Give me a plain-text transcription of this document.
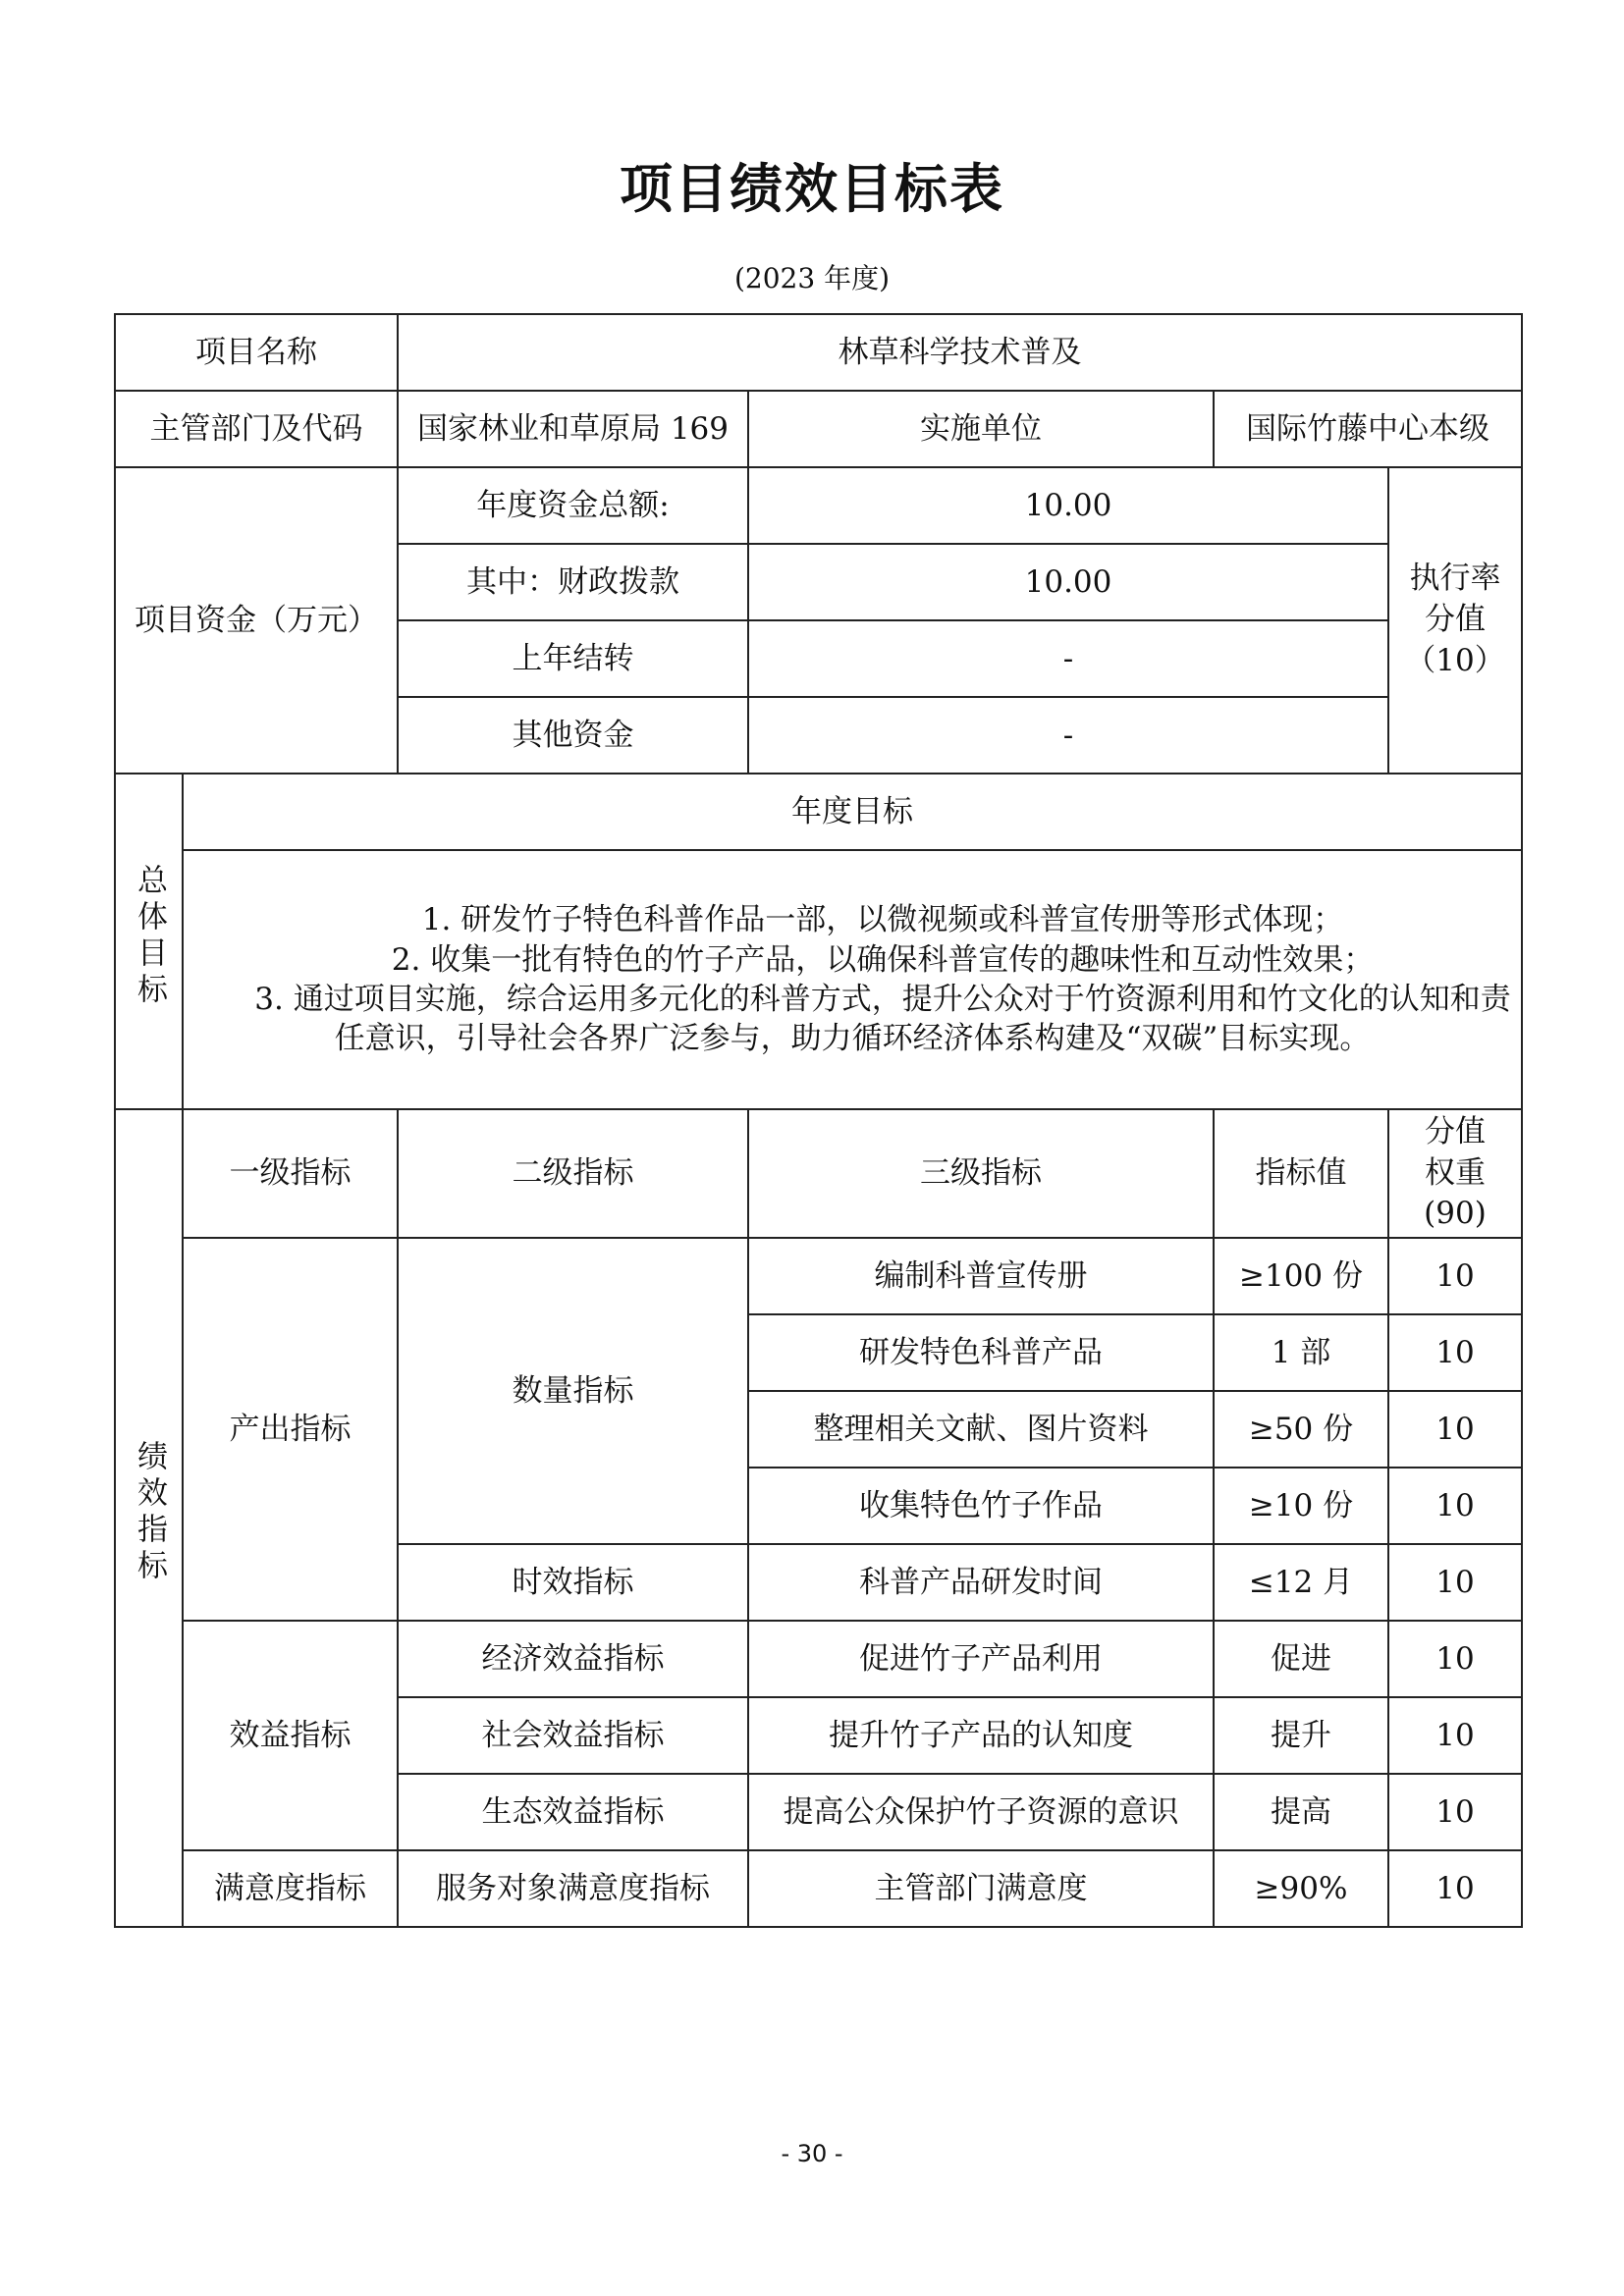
项目绩效目标表
(2023 年度)
项目名称		林草科学技术普及			
主管部门及代码		国家林业和草原局 169	实施单位	国际竹藤中心本级	
项目资金（万元）		年度资金总额:	10.00		执行率
分值
（10）

		其中：财政拨款	10.00		
		上年结转	-		
		其他资金	-		
总体目标	年度目标				

	1. 研发竹子特色科普作品一部，以微视频或科普宣传册等形式体现；
2. 收集一批有特色的竹子产品，以确保科普宣传的趣味性和互动性效果；
3. 通过项目实施，综合运用多元化的科普方式，提升公众对于竹资源利用和竹文化的认知和责任意识，引导社会各界广泛参与，助力循环经济体系构建及“双碳”目标实现。				

绩效指标	一级指标	二级指标	三级指标	指标值	分值
权重
(90)

	产出指标	数量指标	编制科普宣传册	≥100 份	10
			研发特色科普产品	1 部	10
			整理相关文献、图片资料	≥50 份	10
			收集特色竹子作品	≥10 份	10
		时效指标	科普产品研发时间	≤12 月	10
	效益指标	经济效益指标	促进竹子产品利用	促进	10
		社会效益指标	提升竹子产品的认知度	提升	10
		生态效益指标	提高公众保护竹子资源的意识	提高	10
	满意度指标	服务对象满意度指标	主管部门满意度	≥90%	10
- 30 -
